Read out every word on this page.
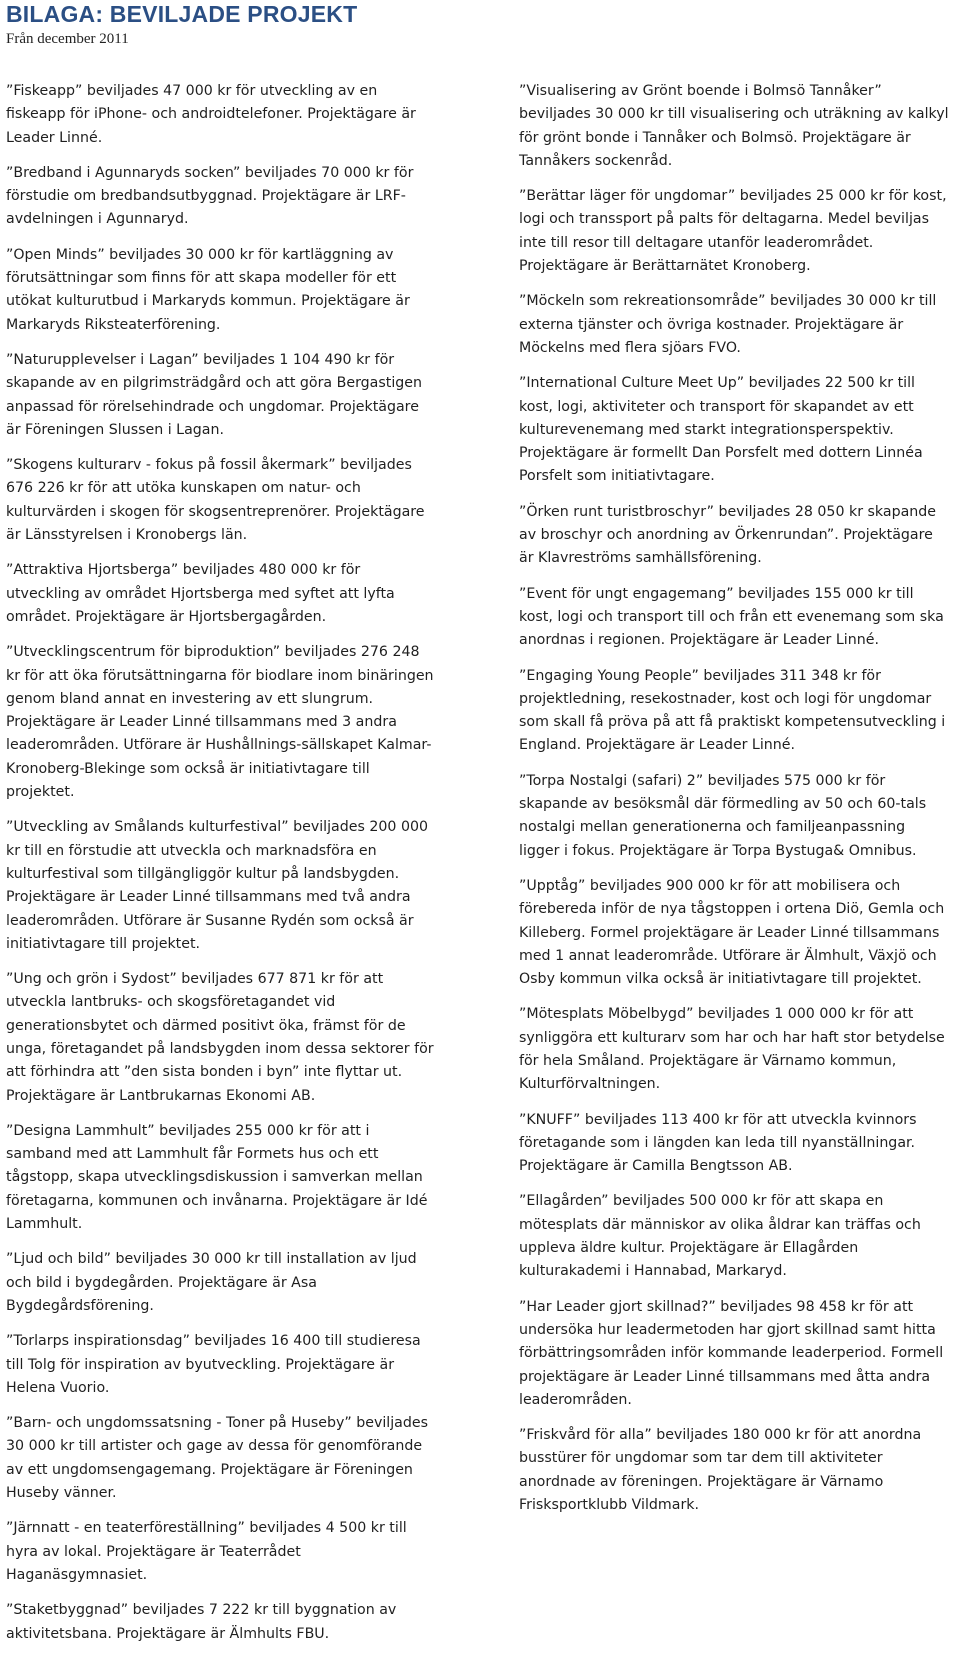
BILAGA: BEVILJADE PROJEKT
Från december 2011

”Fiskeapp” beviljades 47 000 kr för utveckling av en fiskeapp för iPhone- och androidtelefoner. Projektägare är Leader Linné.

”Bredband i Agunnaryds socken” beviljades 70 000 kr för förstudie om bredbandsutbyggnad. Projektägare är LRF-avdelningen i Agunnaryd.

”Open Minds” beviljades 30 000 kr för kartläggning av förutsättningar som finns för att skapa modeller för ett utökat kulturutbud i Markaryds kommun. Projektägare är Markaryds Riksteaterförening.

”Naturupplevelser i Lagan” beviljades 1 104 490 kr för skapande av en pilgrimsträdgård och att göra Bergastigen anpassad för rörelsehindrade och ungdomar. Projektägare är Föreningen Slussen i Lagan.

”Skogens kulturarv - fokus på fossil åkermark” beviljades 676 226 kr för att utöka kunskapen om natur- och kulturvärden i skogen för skogsentreprenörer. Projektägare är Länsstyrelsen i Kronobergs län.

”Attraktiva Hjortsberga” beviljades 480 000 kr för utveckling av området Hjortsberga med syftet att lyfta området. Projektägare är Hjortsbergagården.

”Utvecklingscentrum för biproduktion” beviljades 276 248 kr för att öka förutsättningarna för biodlare inom binäringen genom bland annat en investering av ett slungrum. Projektägare är Leader Linné tillsammans med 3 andra leaderområden. Utförare är Hushållnings-sällskapet Kalmar-Kronoberg-Blekinge som också är initiativtagare till projektet.

”Utveckling av Smålands kulturfestival” beviljades 200 000 kr till en förstudie att utveckla och marknadsföra en kulturfestival som tillgängliggör kultur på landsbygden. Projektägare är Leader Linné tillsammans med två andra leaderområden. Utförare är Susanne Rydén som också är initiativtagare till projektet.

”Ung och grön i Sydost” beviljades 677 871 kr för att utveckla lantbruks- och skogsföretagandet vid generationsbytet och därmed positivt öka, främst för de unga, företagandet på landsbygden inom dessa sektorer för att förhindra att ”den sista bonden i byn” inte flyttar ut. Projektägare är Lantbrukarnas Ekonomi AB.

”Designa Lammhult” beviljades 255 000 kr för att i samband med att Lammhult får Formets hus och ett tågstopp, skapa utvecklingsdiskussion i samverkan mellan företagarna, kommunen och invånarna. Projektägare är Idé Lammhult.

”Ljud och bild” beviljades 30 000 kr till installation av ljud och bild i bygdegården. Projektägare är Asa Bygdegårdsförening.

”Torlarps inspirationsdag” beviljades 16 400 till studieresa till Tolg för inspiration av byutveckling. Projektägare är Helena Vuorio.

”Barn- och ungdomssatsning - Toner på Huseby” beviljades 30 000 kr till artister och gage av dessa för genomförande av ett ungdomsengagemang. Projektägare är Föreningen Huseby vänner.

”Järnnatt - en teaterföreställning” beviljades 4 500 kr till hyra av lokal. Projektägare är Teaterrådet Haganäsgymnasiet.

”Staketbyggnad” beviljades 7 222 kr till byggnation av aktivitetsbana. Projektägare är Älmhults FBU.

”Visualisering av Grönt boende i Bolmsö Tannåker” beviljades 30 000 kr till visualisering och uträkning av kalkyl för grönt bonde i Tannåker och Bolmsö. Projektägare är Tannåkers sockenråd.

”Berättar läger för ungdomar” beviljades 25 000 kr för kost, logi och transsport på palts för deltagarna. Medel beviljas inte till resor till deltagare utanför leaderområdet. Projektägare är Berättarnätet Kronoberg.

”Möckeln som rekreationsområde” beviljades 30 000 kr till externa tjänster och övriga kostnader. Projektägare är Möckelns med flera sjöars FVO.

”International Culture Meet Up” beviljades 22 500 kr till kost, logi, aktiviteter och transport för skapandet av ett kulturevenemang med starkt integrationsperspektiv. Projektägare är formellt Dan Porsfelt med dottern Linnéa Porsfelt som initiativtagare.

”Örken runt turistbroschyr” beviljades 28 050 kr skapande av broschyr och anordning av Örkenrundan”. Projektägare är Klavreströms samhällsförening.

”Event för ungt engagemang” beviljades 155 000 kr till kost, logi och transport till och från ett evenemang som ska anordnas i regionen. Projektägare är Leader Linné.

”Engaging Young People” beviljades 311 348 kr för projektledning, resekostnader, kost och logi för ungdomar som skall få pröva på att få praktiskt kompetensutveckling i England. Projektägare är Leader Linné.

”Torpa Nostalgi (safari) 2” beviljades 575 000 kr för skapande av besöksmål där förmedling av 50 och 60-tals nostalgi mellan generationerna och familjeanpassning ligger i fokus. Projektägare är Torpa Bystuga& Omnibus.

”Upptåg” beviljades 900 000 kr för att mobilisera och förebereda inför de nya tågstoppen i ortena Diö, Gemla och Killeberg. Formel projektägare är Leader Linné tillsammans med 1 annat leaderområde. Utförare är Älmhult, Växjö och Osby kommun vilka också är initiativtagare till projektet.

”Mötesplats Möbelbygd” beviljades 1 000 000 kr för att synliggöra ett kulturarv som har och har haft stor betydelse för hela Småland. Projektägare är Värnamo kommun, Kulturförvaltningen.

”KNUFF” beviljades 113 400 kr för att utveckla kvinnors företagande som i längden kan leda till nyanställningar. Projektägare är Camilla Bengtsson AB.

”Ellagården” beviljades 500 000 kr för att skapa en mötesplats där människor av olika åldrar kan träffas och uppleva äldre kultur. Projektägare är Ellagården kulturakademi i Hannabad, Markaryd.

”Har Leader gjort skillnad?” beviljades 98 458 kr för att undersöka hur leadermetoden har gjort skillnad samt hitta förbättringsområden inför kommande leaderperiod. Formell projektägare är Leader Linné tillsammans med åtta andra leaderområden.

”Friskvård för alla” beviljades 180 000 kr för att anordna busstürer för ungdomar som tar dem till aktiviteter anordnade av föreningen. Projektägare är Värnamo Frisksportklubb Vildmark.
